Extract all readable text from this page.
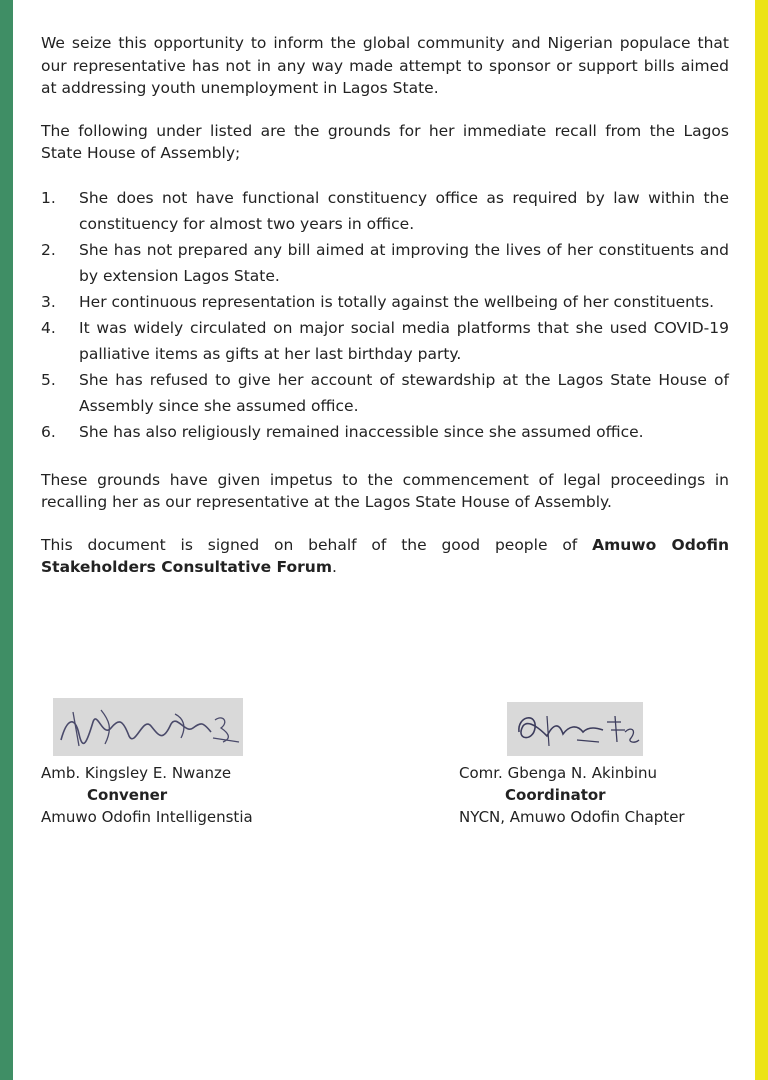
We seize this opportunity to inform the global community and Nigerian populace that our representative has not in any way made attempt to sponsor or support bills aimed at addressing youth unemployment in Lagos State.

The following under listed are the grounds for her immediate recall from the Lagos State House of Assembly;

1.	She does not have functional constituency office as required by law within the constituency for almost two years in office.
2.	She has not prepared any bill aimed at improving the lives of her constituents and by extension Lagos State.
3.	Her continuous representation is totally against the wellbeing of her constituents.
4.	It was widely circulated on major social media platforms that she used COVID-19 palliative items as gifts at her last birthday party.
5.	She has refused to give her account of stewardship at the Lagos State House of Assembly since she assumed office.
6.	She has also religiously remained inaccessible since she assumed office.

These grounds have given impetus to the commencement of legal proceedings in recalling her as our representative at the Lagos State House of Assembly.

This document is signed on behalf of the good people of Amuwo Odofin Stakeholders Consultative Forum.

Amb. Kingsley E. Nwanze
Convener
Amuwo Odofin Intelligenstia
Comr. Gbenga N. Akinbinu
Coordinator
NYCN, Amuwo Odofin Chapter
